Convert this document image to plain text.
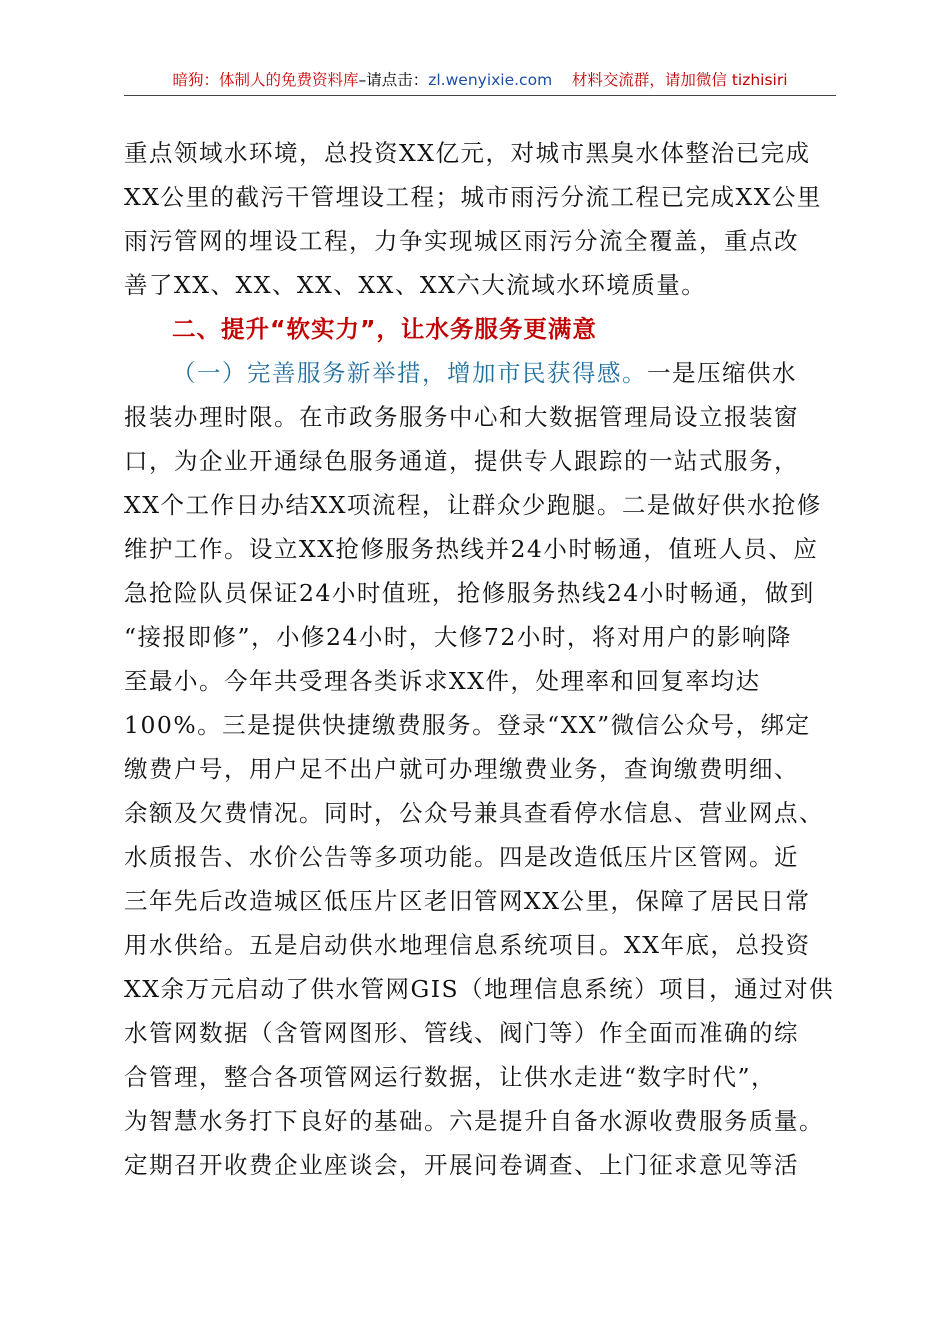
暗狗：体制人的免费资料库–请点击：zl.wenyixie.com 材料交流群，请加微信 tizhisiri
重点领域水环境，总投资XX亿元，对城市黑臭水体整治已完成
XX公里的截污干管埋设工程；城市雨污分流工程已完成XX公里
雨污管网的埋设工程，力争实现城区雨污分流全覆盖，重点改
善了XX、XX、XX、XX、XX六大流域水环境质量。
二、提升“软实力”，让水务服务更满意
（一）完善服务新举措，增加市民获得感。一是压缩供水
报装办理时限。在市政务服务中心和大数据管理局设立报装窗
口，为企业开通绿色服务通道，提供专人跟踪的一站式服务，
XX个工作日办结XX项流程，让群众少跑腿。二是做好供水抢修
维护工作。设立XX抢修服务热线并24小时畅通，值班人员、应
急抢险队员保证24小时值班，抢修服务热线24小时畅通，做到
“接报即修”，小修24小时，大修72小时，将对用户的影响降
至最小。今年共受理各类诉求XX件，处理率和回复率均达
100%。三是提供快捷缴费服务。登录“XX”微信公众号，绑定
缴费户号，用户足不出户就可办理缴费业务，查询缴费明细、
余额及欠费情况。同时，公众号兼具查看停水信息、营业网点、
水质报告、水价公告等多项功能。四是改造低压片区管网。近
三年先后改造城区低压片区老旧管网XX公里，保障了居民日常
用水供给。五是启动供水地理信息系统项目。XX年底，总投资
XX余万元启动了供水管网GIS（地理信息系统）项目，通过对供
水管网数据（含管网图形、管线、阀门等）作全面而准确的综
合管理，整合各项管网运行数据，让供水走进“数字时代”，
为智慧水务打下良好的基础。六是提升自备水源收费服务质量。
定期召开收费企业座谈会，开展问卷调查、上门征求意见等活
